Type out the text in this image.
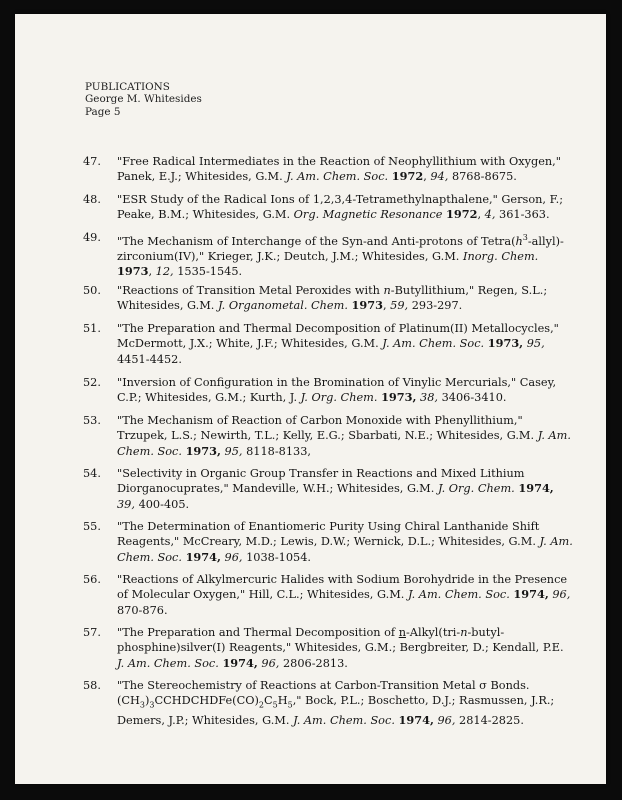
PUBLICATIONS
George M. Whitesides
Page 5
47. "Free Radical Intermediates in the Reaction of Neophyllithium with Oxygen," Panek, E.J.; Whitesides, G.M. J. Am. Chem. Soc. 1972, 94, 8768-8675.
48. "ESR Study of the Radical Ions of 1,2,3,4-Tetramethylnapthalene," Gerson, F.; Peake, B.M.; Whitesides, G.M. Org. Magnetic Resonance 1972, 4, 361-363.
49. "The Mechanism of Interchange of the Syn-and Anti-protons of $Tetra(h^3-allyl)-zirconium(IV)$," Krieger, J.K.; Deutch, J.M.; Whitesides, G.M. Inorg. Chem. 1973, 12, 1535-1545.
50. "Reactions of Transition Metal Peroxides with n-Butyllithium," Regen, S.L.; Whitesides, G.M. J. Organometal. Chem. 1973, 59, 293-297.
51. "The Preparation and Thermal Decomposition of Platinum(II) Metallocycles," McDermott, J.X.; White, J.F.; Whitesides, G.M. J. Am. Chem. Soc. 1973, 95, 4451-4452.
52. "Inversion of Configuration in the Bromination of Vinylic Mercurials," Casey, C.P.; Whitesides, G.M.; Kurth, J. J. Org. Chem. 1973, 38, 3406-3410.
53. "The Mechanism of Reaction of Carbon Monoxide with Phenyllithium," Trzupek, L.S.; Newirth, T.L.; Kelly, E.G.; Sbarbati, N.E.; Whitesides, G.M. J. Am. Chem. Soc. 1973, 95, 8118-8133,
54. "Selectivity in Organic Group Transfer in Reactions and Mixed Lithium Diorganocuprates," Mandeville, W.H.; Whitesides, G.M. J. Org. Chem. 1974, 39, 400-405.
55. "The Determination of Enantiomeric Purity Using Chiral Lanthanide Shift Reagents," McCreary, M.D.; Lewis, D.W.; Wernick, D.L.; Whitesides, G.M. J. Am. Chem. Soc. 1974, 96, 1038-1054.
56. "Reactions of Alkylmercuric Halides with Sodium Borohydride in the Presence of Molecular Oxygen," Hill, C.L.; Whitesides, G.M. J. Am. Chem. Soc. 1974, 96, 870-876.
57. "The Preparation and Thermal Decomposition of n-Alkyl(tri-n-butyl-phosphine)silver(I) Reagents," Whitesides, G.M.; Bergbreiter, D.; Kendall, P.E. J. Am. Chem. Soc. 1974, 96, 2806-2813.
58. "The Stereochemistry of Reactions at Carbon-Transition Metal σ Bonds. $(CH_3)_3CCHDCHDFe(CO)_2C_5H_5$," Bock, P.L.; Boschetto, D.J.; Rasmussen, J.R.; Demers, J.P.; Whitesides, G.M. J. Am. Chem. Soc. 1974, 96, 2814-2825.
